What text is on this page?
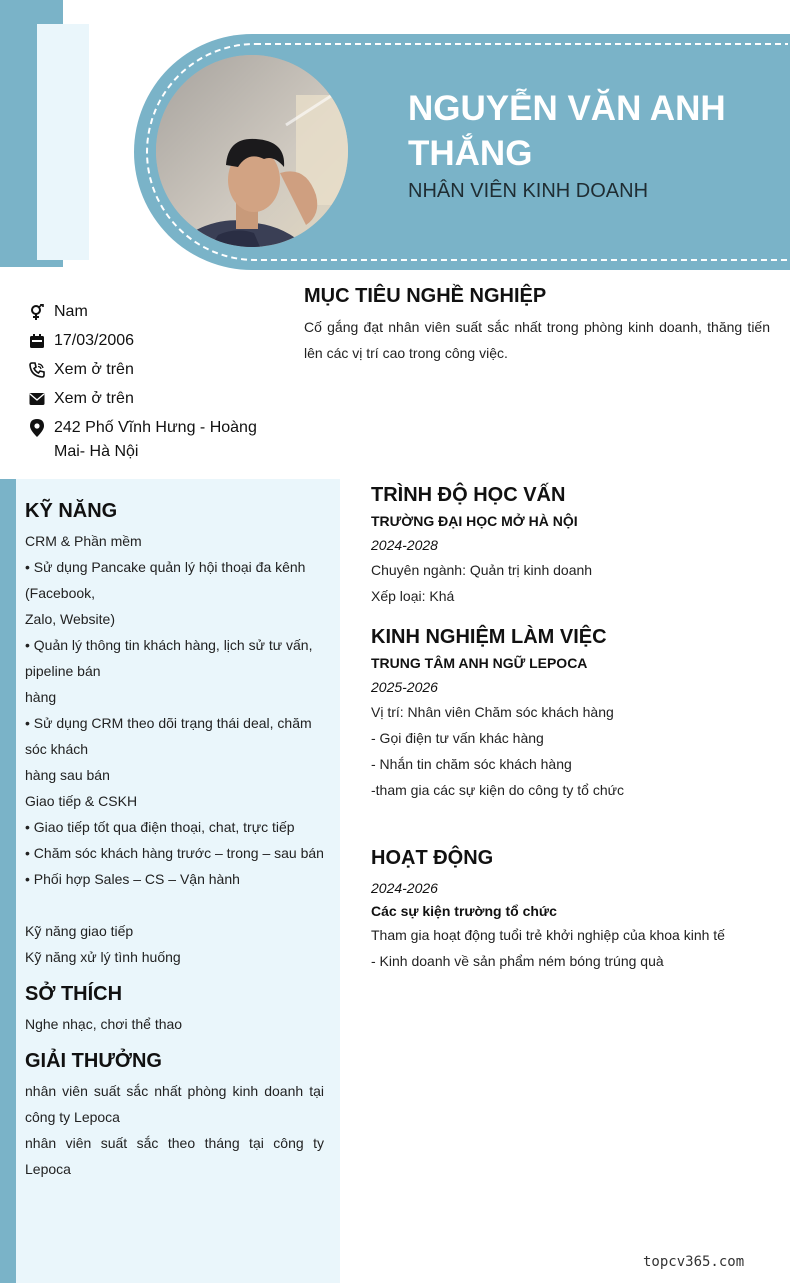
NGUYỄN VĂN ANH THẮNG
NHÂN VIÊN KINH DOANH
Nam
17/03/2006
Xem ở trên
Xem ở trên
242 Phố Vĩnh Hưng - Hoàng Mai- Hà Nội
MỤC TIÊU NGHỀ NGHIỆP
Cố gắng đạt nhân viên suất sắc nhất trong phòng kinh doanh, thăng tiến lên các vị trí cao trong công việc.
KỸ NĂNG
CRM & Phần mềm
• Sử dụng Pancake quản lý hội thoại đa kênh (Facebook,
Zalo, Website)
• Quản lý thông tin khách hàng, lịch sử tư vấn, pipeline bán
hàng
• Sử dụng CRM theo dõi trạng thái deal, chăm sóc khách
hàng sau bán
Giao tiếp & CSKH
• Giao tiếp tốt qua điện thoại, chat, trực tiếp
• Chăm sóc khách hàng trước – trong – sau bán
• Phối hợp Sales – CS – Vận hành
Kỹ năng giao tiếp
Kỹ năng xử lý tình huống
SỞ THÍCH
Nghe nhạc, chơi thể thao
GIẢI THƯỞNG
nhân viên suất sắc nhất phòng kinh doanh tại công ty Lepoca
nhân viên suất sắc theo tháng tại công ty Lepoca
TRÌNH ĐỘ HỌC VẤN
TRƯỜNG ĐẠI HỌC MỞ HÀ NỘI
2024-2028
Chuyên ngành: Quản trị kinh doanh
Xếp loại: Khá
KINH NGHIỆM LÀM VIỆC
TRUNG TÂM ANH NGỮ LEPOCA
2025-2026
Vị trí: Nhân viên Chăm sóc khách hàng
- Gọi điện tư vấn khác hàng
- Nhắn tin chăm sóc khách hàng
-tham gia các sự kiện do công ty tổ chức
HOẠT ĐỘNG
2024-2026
Các sự kiện trường tổ chức
Tham gia hoạt động tuổi trẻ khởi nghiệp của khoa kinh tế
- Kinh doanh về sản phẩm ném bóng trúng quà
topcv365.com
